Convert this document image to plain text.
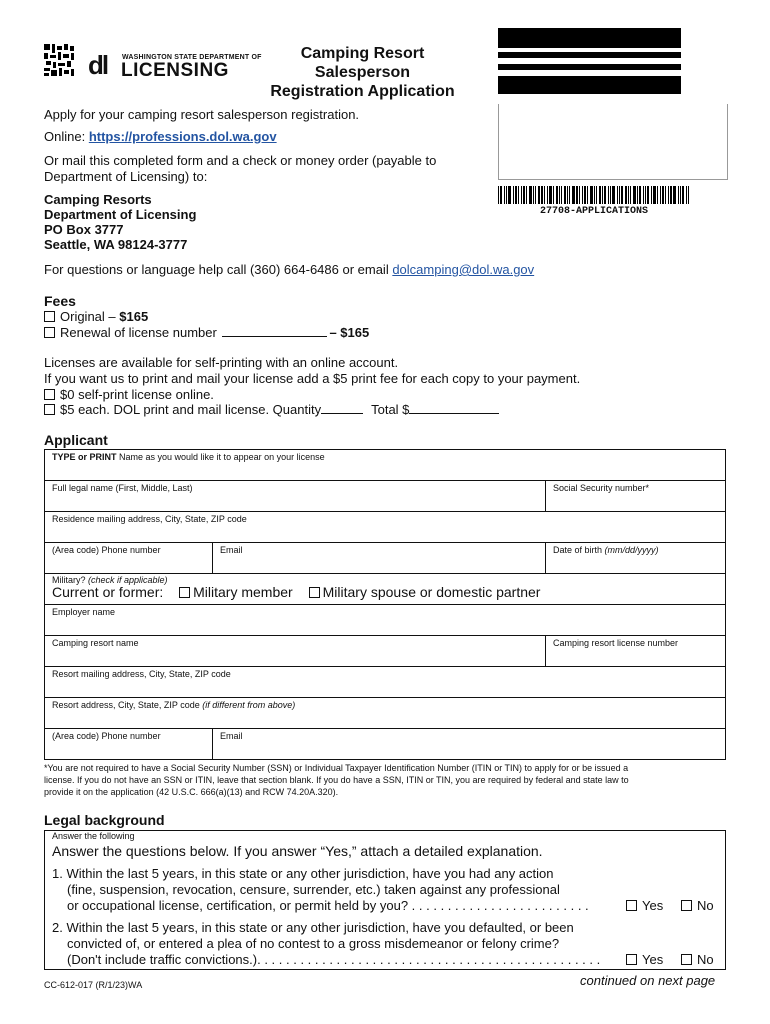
dl WASHINGTON STATE DEPARTMENT OF
LICENSING
Camping Resort
Salesperson
Registration Application
27708-APPLICATIONS
Apply for your camping resort salesperson registration.
Online: https://professions.dol.wa.gov
Or mail this completed form and a check or money order (payable to
Department of Licensing) to:
Camping Resorts
Department of Licensing
PO Box 3777
Seattle, WA 98124-3777
For questions or language help call (360) 664-6486 or email dolcamping@dol.wa.gov
Fees
Original – $165
Renewal of license number	– $165
Licenses are available for self-printing with an online account.
If you want us to print and mail your license add a $5 print fee for each copy to your payment.
$0 self-print license online.
$5 each. DOL print and mail license. Quantity	Total $
Applicant
TYPE or PRINT Name as you would like it to appear on your license		
Full legal name (First, Middle, Last)		Social Security number*
Residence mailing address, City, State, ZIP code		
(Area code) Phone number	Email	Date of birth (mm/dd/yyyy)

Military? (check if applicable)
Current or former: Military member Military spouse or domestic partner		

Employer name		
Camping resort name		Camping resort license number
Resort mailing address, City, State, ZIP code		
Resort address, City, State, ZIP code (if different from above)		
(Area code) Phone number	Email	
*You are not required to have a Social Security Number (SSN) or Individual Taxpayer Identification Number (ITIN or TIN) to apply for or be issued a
license. If you do not have an SSN or ITIN, leave that section blank. If you do have a SSN, ITIN or TIN, you are required by federal and state law to
provide it on the application (42 U.S.C. 666(a)(13) and RCW 74.20A.320).
Legal background
Answer the following
Answer the questions below. If you answer “Yes,” attach a detailed explanation.
1. Within the last 5 years, in this state or any other jurisdiction, have you had any action
(fine, suspension, revocation, censure, surrender, etc.) taken against any professional
or occupational license, certification, or permit held by you? . . . . . . . . . . . . . . . . . . . . . . . . .	Yes	No
2. Within the last 5 years, in this state or any other jurisdiction, have you defaulted, or been
convicted of, or entered a plea of no contest to a gross misdemeanor or felony crime?
(Don't include traffic convictions.). . . . . . . . . . . . . . . . . . . . . . . . . . . . . . . . . . . . . . . . . . . . . . . .	Yes	No
CC-612-017 (R/1/23)WA	continued on next page
